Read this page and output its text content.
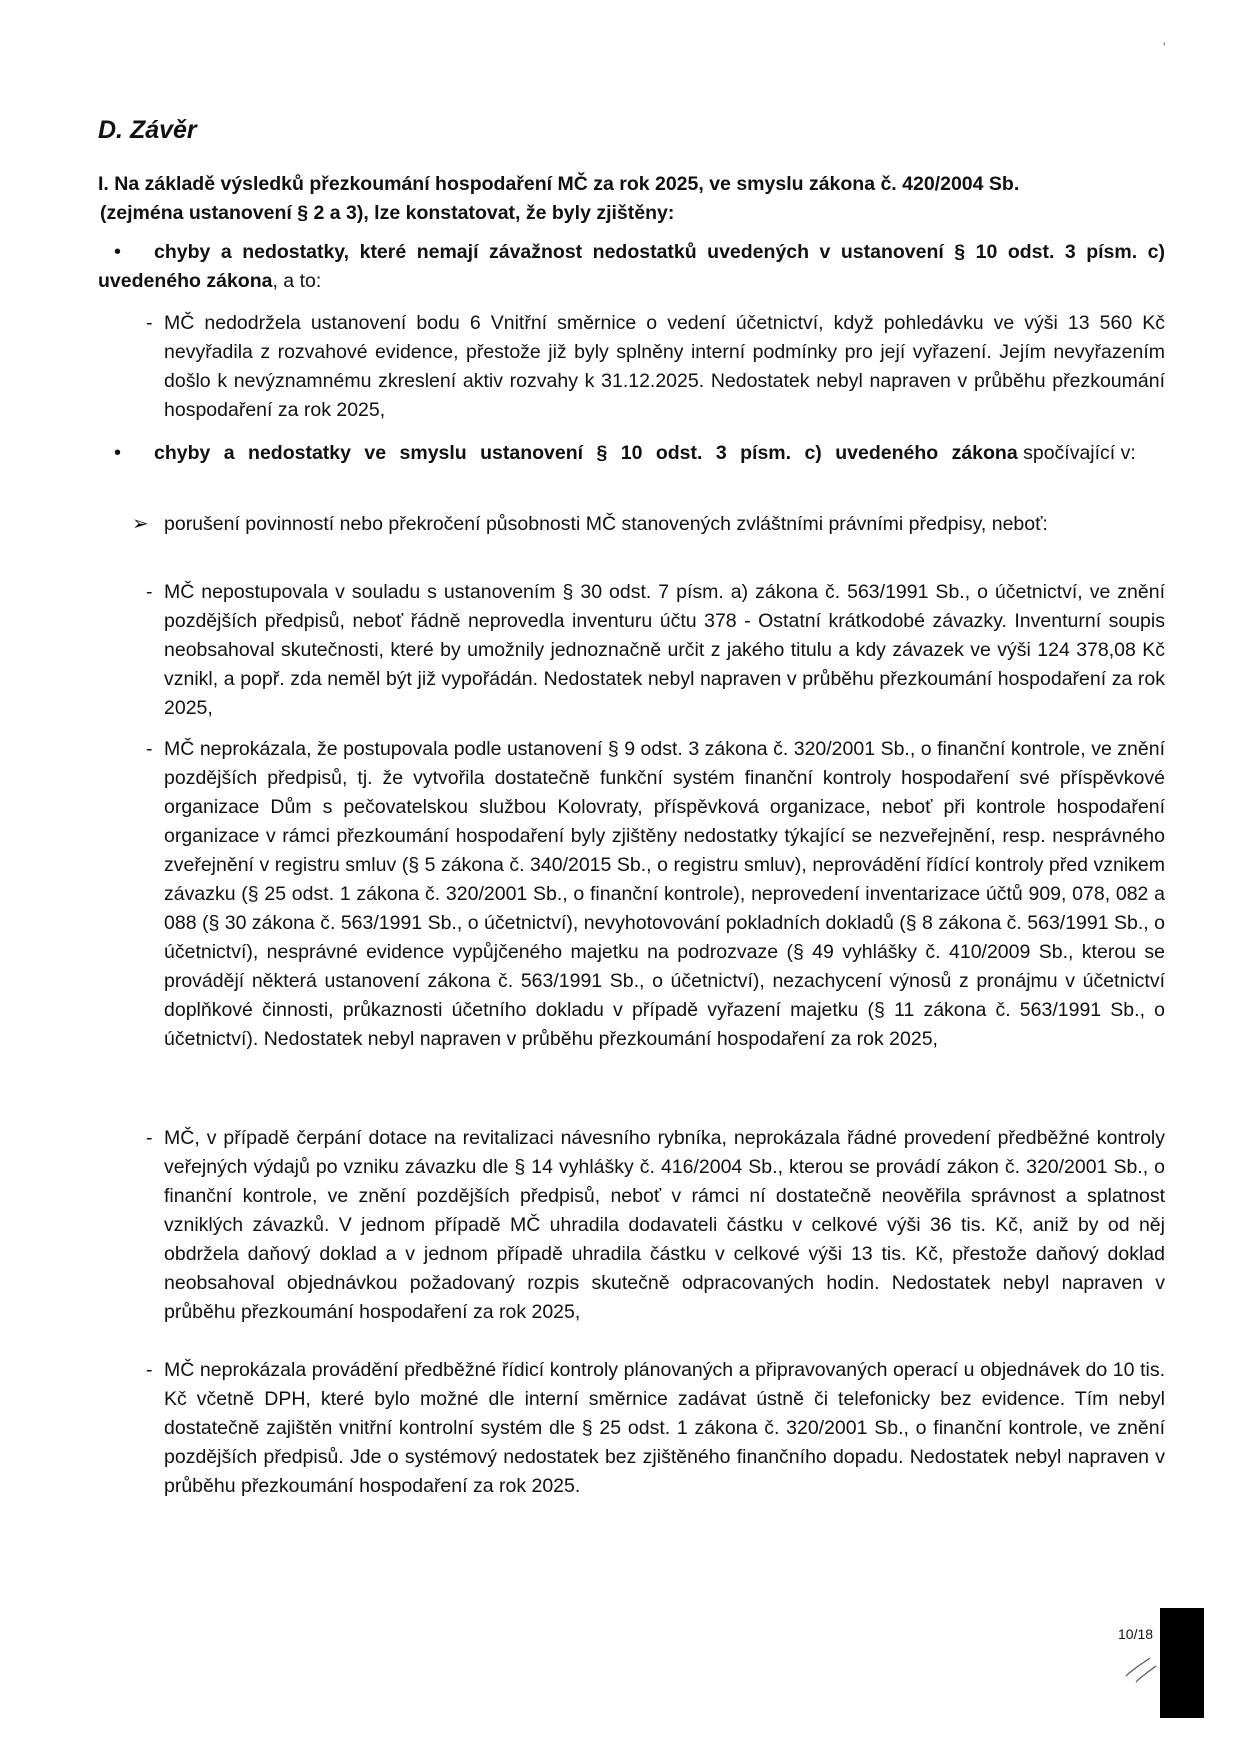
'
D. Závěr
I. Na základě výsledků přezkoumání hospodaření MČ za rok 2025, ve smyslu zákona č. 420/2004 Sb.
(zejména ustanovení § 2 a 3), lze konstatovat, že byly zjištěny:
•	chyby a nedostatky, které nemají závažnost nedostatků uvedených v ustanovení § 10 odst. 3 písm. c) uvedeného zákona, a to:
- MČ nedodržela ustanovení bodu 6 Vnitřní směrnice o vedení účetnictví, když pohledávku ve výši 13 560 Kč nevyřadila z rozvahové evidence, přestože již byly splněny interní podmínky pro její vyřazení. Jejím nevyřazením došlo k nevýznamnému zkreslení aktiv rozvahy k 31.12.2025. Nedostatek nebyl napraven v průběhu přezkoumání hospodaření za rok 2025,
•	chyby a nedostatky ve smyslu ustanovení § 10 odst. 3 písm. c) uvedeného zákona spočívající v:
➢ porušení povinností nebo překročení působnosti MČ stanovených zvláštními právními předpisy, neboť:
- MČ nepostupovala v souladu s ustanovením § 30 odst. 7 písm. a) zákona č. 563/1991 Sb., o účetnictví, ve znění pozdějších předpisů, neboť řádně neprovedla inventuru účtu 378 - Ostatní krátkodobé závazky. Inventurní soupis neobsahoval skutečnosti, které by umožnily jednoznačně určit z jakého titulu a kdy závazek ve výši 124 378,08 Kč vznikl, a popř. zda neměl být již vypořádán. Nedostatek nebyl napraven v průběhu přezkoumání hospodaření za rok 2025,
- MČ neprokázala, že postupovala podle ustanovení § 9 odst. 3 zákona č. 320/2001 Sb., o finanční kontrole, ve znění pozdějších předpisů, tj. že vytvořila dostatečně funkční systém finanční kontroly hospodaření své příspěvkové organizace Dům s pečovatelskou službou Kolovraty, příspěvková organizace, neboť při kontrole hospodaření organizace v rámci přezkoumání hospodaření byly zjištěny nedostatky týkající se nezveřejnění, resp. nesprávného zveřejnění v registru smluv (§ 5 zákona č. 340/2015 Sb., o registru smluv), neprovádění řídící kontroly před vznikem závazku (§ 25 odst. 1 zákona č. 320/2001 Sb., o finanční kontrole), neprovedení inventarizace účtů 909, 078, 082 a 088 (§ 30 zákona č. 563/1991 Sb., o účetnictví), nevyhotovování pokladních dokladů (§ 8 zákona č. 563/1991 Sb., o účetnictví), nesprávné evidence vypůjčeného majetku na podrozvaze (§ 49 vyhlášky č. 410/2009 Sb., kterou se provádějí některá ustanovení zákona č. 563/1991 Sb., o účetnictví), nezachycení výnosů z pronájmu v účetnictví doplňkové činnosti, průkaznosti účetního dokladu v případě vyřazení majetku (§ 11 zákona č. 563/1991 Sb., o účetnictví). Nedostatek nebyl napraven v průběhu přezkoumání hospodaření za rok 2025,
- MČ, v případě čerpání dotace na revitalizaci návesního rybníka, neprokázala řádné provedení předběžné kontroly veřejných výdajů po vzniku závazku dle § 14 vyhlášky č. 416/2004 Sb., kterou se provádí zákon č. 320/2001 Sb., o finanční kontrole, ve znění pozdějších předpisů, neboť v rámci ní dostatečně neověřila správnost a splatnost vzniklých závazků. V jednom případě MČ uhradila dodavateli částku v celkové výši 36 tis. Kč, aniž by od něj obdržela daňový doklad a v jednom případě uhradila částku v celkové výši 13 tis. Kč, přestože daňový doklad neobsahoval objednávkou požadovaný rozpis skutečně odpracovaných hodin. Nedostatek nebyl napraven v průběhu přezkoumání hospodaření za rok 2025,
- MČ neprokázala provádění předběžné řídicí kontroly plánovaných a připravovaných operací u objednávek do 10 tis. Kč včetně DPH, které bylo možné dle interní směrnice zadávat ústně či telefonicky bez evidence. Tím nebyl dostatečně zajištěn vnitřní kontrolní systém dle § 25 odst. 1 zákona č. 320/2001 Sb., o finanční kontrole, ve znění pozdějších předpisů. Jde o systémový nedostatek bez zjištěného finančního dopadu. Nedostatek nebyl napraven v průběhu přezkoumání hospodaření za rok 2025.
10/18
